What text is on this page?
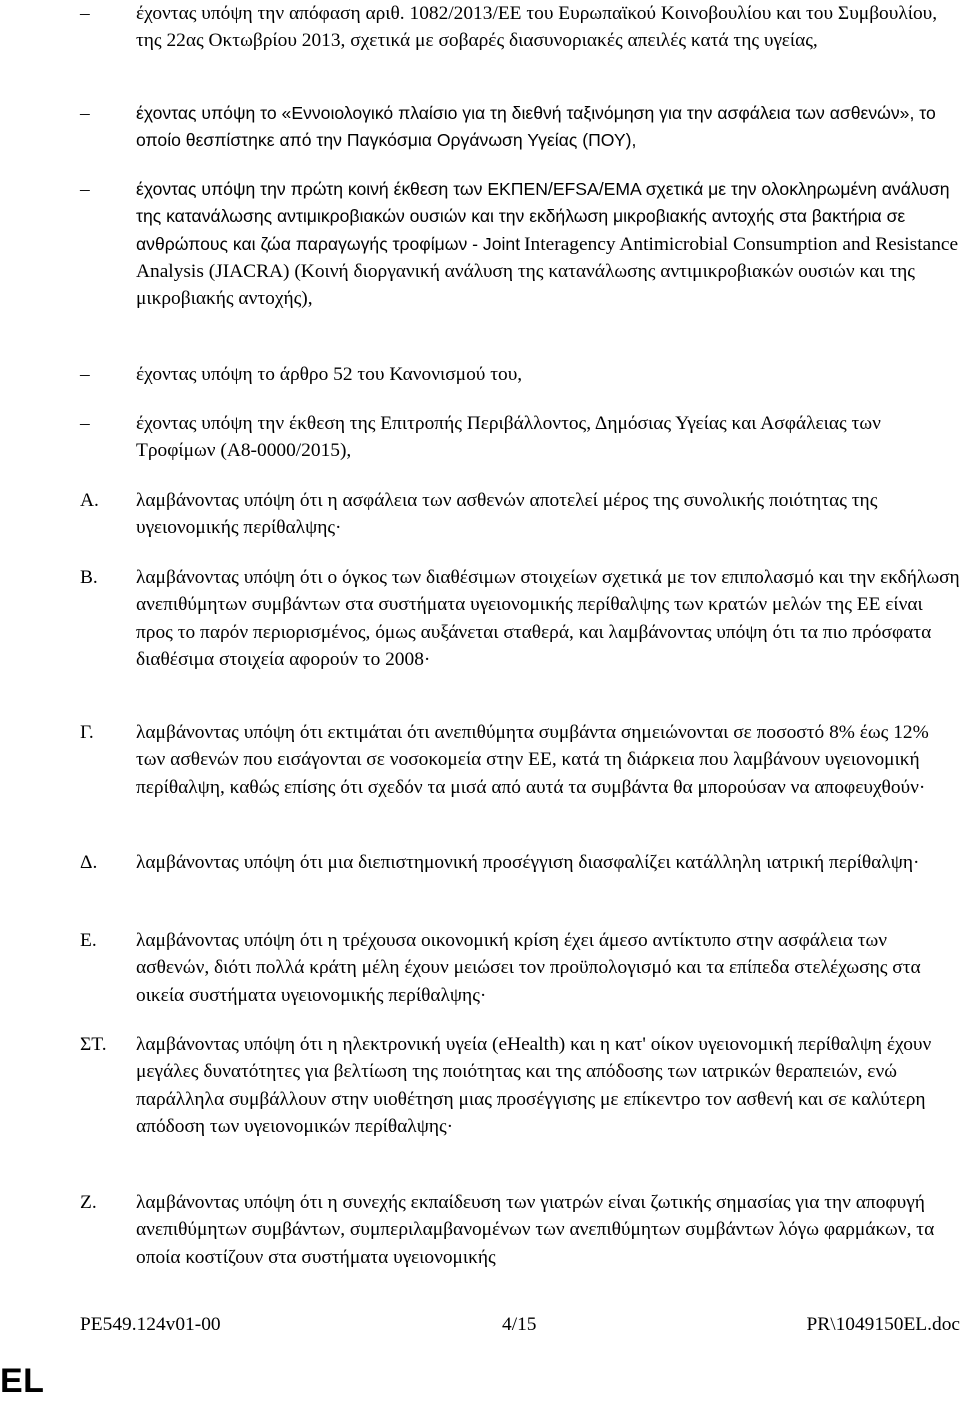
– έχοντας υπόψη την απόφαση αριθ. 1082/2013/ΕΕ του Ευρωπαϊκού Κοινοβουλίου και του Συμβουλίου, της 22ας Οκτωβρίου 2013, σχετικά με σοβαρές διασυνοριακές απειλές κατά της υγείας,

–	έχοντας υπόψη το «Εννοιολογικό πλαίσιο για τη διεθνή ταξινόμηση για την ασφάλεια των ασθενών», το οποίο θεσπίστηκε από την Παγκόσμια Οργάνωση Υγείας (ΠΟΥ),

–	έχοντας υπόψη την πρώτη κοινή έκθεση των ΕΚΠΕΝ/EFSA/EMA σχετικά με την ολοκληρωμένη ανάλυση της κατανάλωσης αντιμικροβιακών ουσιών και την εκδήλωση μικροβιακής αντοχής στα βακτήρια σε ανθρώπους και ζώα παραγωγής τροφίμων - Joint Interagency Antimicrobial Consumption and Resistance Analysis (JIACRA) (Κοινή διοργανική ανάλυση της κατανάλωσης αντιμικροβιακών ουσιών και της μικροβιακής αντοχής),

– έχοντας υπόψη το άρθρο 52 του Κανονισμού του,

– έχοντας υπόψη την έκθεση της Επιτροπής Περιβάλλοντος, Δημόσιας Υγείας και Ασφάλειας των Τροφίμων (A8-0000/2015),

A. λαμβάνοντας υπόψη ότι η ασφάλεια των ασθενών αποτελεί μέρος της συνολικής ποιότητας της υγειονομικής περίθαλψης·

B. λαμβάνοντας υπόψη ότι ο όγκος των διαθέσιμων στοιχείων σχετικά με τον επιπολασμό και την εκδήλωση ανεπιθύμητων συμβάντων στα συστήματα υγειονομικής περίθαλψης των κρατών μελών της ΕΕ είναι προς το παρόν περιορισμένος, όμως αυξάνεται σταθερά, και λαμβάνοντας υπόψη ότι τα πιο πρόσφατα διαθέσιμα στοιχεία αφορούν το 2008·

Γ. λαμβάνοντας υπόψη ότι εκτιμάται ότι ανεπιθύμητα συμβάντα σημειώνονται σε ποσοστό 8% έως 12% των ασθενών που εισάγονται σε νοσοκομεία στην ΕΕ, κατά τη διάρκεια που λαμβάνουν υγειονομική περίθαλψη, καθώς επίσης ότι σχεδόν τα μισά από αυτά τα συμβάντα θα μπορούσαν να αποφευχθούν·

Δ. λαμβάνοντας υπόψη ότι μια διεπιστημονική προσέγγιση διασφαλίζει κατάλληλη ιατρική περίθαλψη·

E. λαμβάνοντας υπόψη ότι η τρέχουσα οικονομική κρίση έχει άμεσο αντίκτυπο στην ασφάλεια των ασθενών, διότι πολλά κράτη μέλη έχουν μειώσει τον προϋπολογισμό και τα επίπεδα στελέχωσης στα οικεία συστήματα υγειονομικής περίθαλψης·

ΣΤ. λαμβάνοντας υπόψη ότι η ηλεκτρονική υγεία (eHealth) και η κατ' οίκον υγειονομική περίθαλψη έχουν μεγάλες δυνατότητες για βελτίωση της ποιότητας και της απόδοσης των ιατρικών θεραπειών, ενώ παράλληλα συμβάλλουν στην υιοθέτηση μιας προσέγγισης με επίκεντρο τον ασθενή και σε καλύτερη απόδοση των υγειονομικών περίθαλψης·

Z. λαμβάνοντας υπόψη ότι η συνεχής εκπαίδευση των γιατρών είναι ζωτικής σημασίας για την αποφυγή ανεπιθύμητων συμβάντων, συμπεριλαμβανομένων των ανεπιθύμητων συμβάντων λόγω φαρμάκων, τα οποία κοστίζουν στα συστήματα υγειονομικής

PE549.124v01-00	4/15	PR\1049150EL.doc
EL
